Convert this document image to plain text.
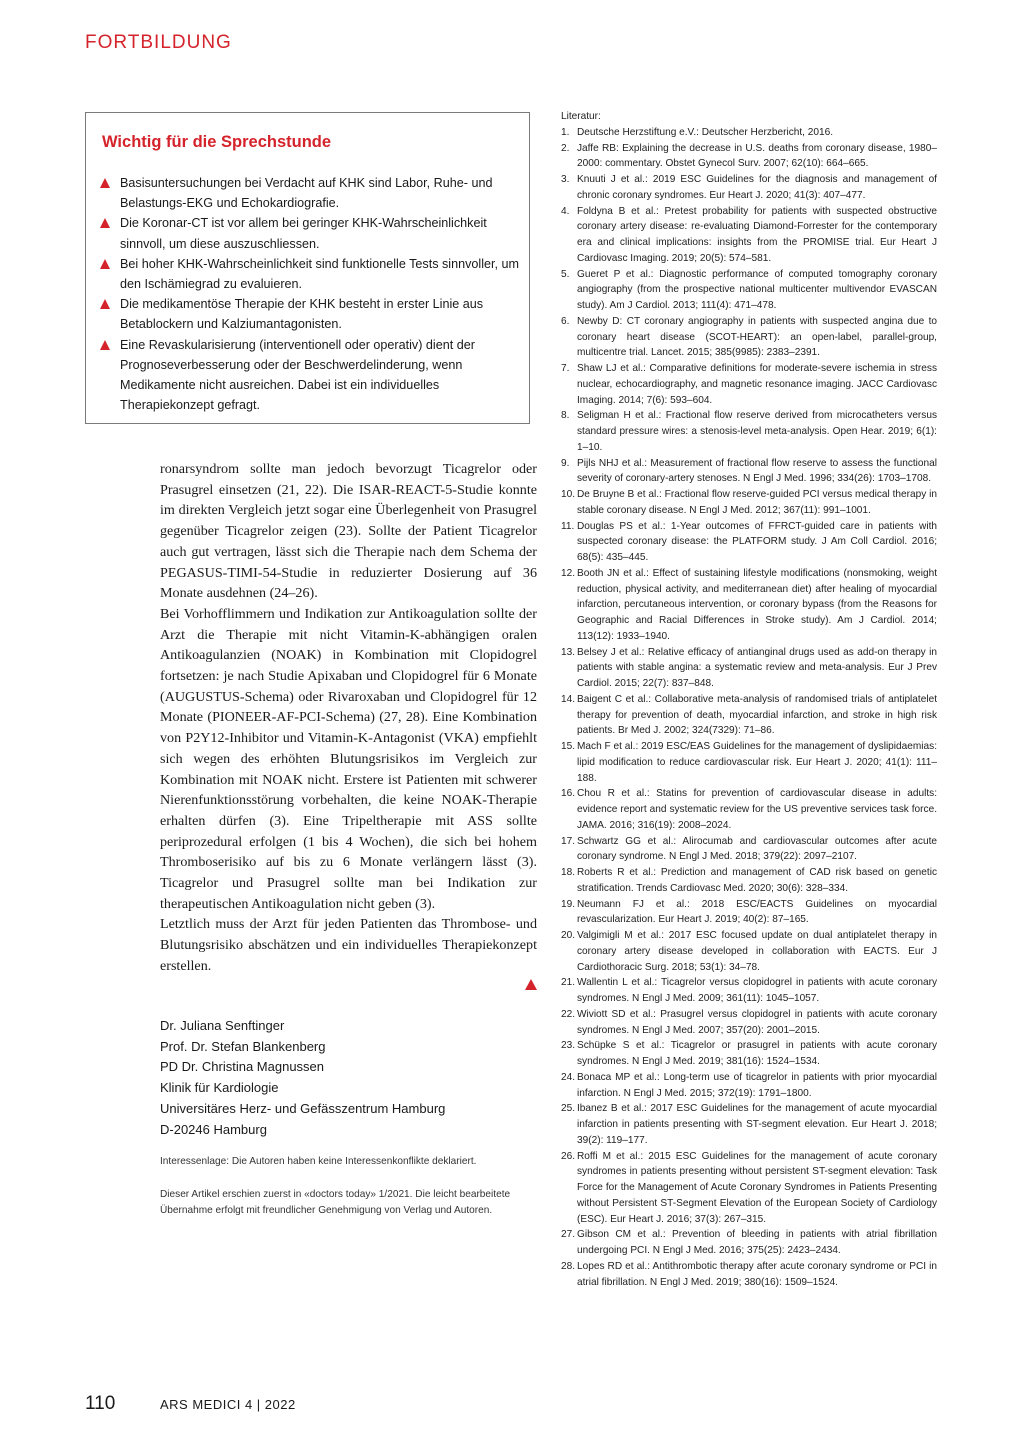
FORTBILDUNG
Wichtig für die Sprechstunde
Basisuntersuchungen bei Verdacht auf KHK sind Labor, Ruhe- und Belastungs-EKG und Echokardiografie.
Die Koronar-CT ist vor allem bei geringer KHK-Wahrscheinlichkeit sinnvoll, um diese auszuschliessen.
Bei hoher KHK-Wahrscheinlichkeit sind funktionelle Tests sinnvoller, um den Ischämiegrad zu evaluieren.
Die medikamentöse Therapie der KHK besteht in erster Linie aus Betablockern und Kalziumantagonisten.
Eine Revaskularisierung (interventionell oder operativ) dient der Prognoseverbesserung oder der Beschwerdelinderung, wenn Medikamente nicht ausreichen. Dabei ist ein individuelles Therapiekonzept gefragt.

ronarsyndrom sollte man jedoch bevorzugt Ticagrelor oder Prasugrel einsetzen (21, 22). Die ISAR-REACT-5-Studie konnte im direkten Vergleich jetzt sogar eine Überlegenheit von Prasugrel gegenüber Ticagrelor zeigen (23). Sollte der Patient Ticagrelor auch gut vertragen, lässt sich die Therapie nach dem Schema der PEGASUS-TIMI-54-Studie in reduzierter Dosierung auf 36 Monate ausdehnen (24–26).

Bei Vorhofflimmern und Indikation zur Antikoagulation sollte der Arzt die Therapie mit nicht Vitamin-K-abhängigen oralen Antikoagulanzien (NOAK) in Kombination mit Clopidogrel fortsetzen: je nach Studie Apixaban und Clopidogrel für 6 Monate (AUGUSTUS-Schema) oder Rivaroxaban und Clopidogrel für 12 Monate (PIONEER-AF-PCI-Schema) (27, 28). Eine Kombination von P2Y12-Inhibitor und Vitamin-K-Antagonist (VKA) empfiehlt sich wegen des erhöhten Blutungsrisikos im Vergleich zur Kombination mit NOAK nicht. Erstere ist Patienten mit schwerer Nierenfunktionsstörung vorbehalten, die keine NOAK-Therapie erhalten dürfen (3). Eine Tripeltherapie mit ASS sollte periprozedural erfolgen (1 bis 4 Wochen), die sich bei hohem Thromboserisiko auf bis zu 6 Monate verlängern lässt (3). Ticagrelor und Prasugrel sollte man bei Indikation zur therapeutischen Antikoagulation nicht geben (3).

Letztlich muss der Arzt für jeden Patienten das Thrombose- und Blutungsrisiko abschätzen und ein individuelles Therapiekonzept erstellen.

Dr. Juliana Senftinger
Prof. Dr. Stefan Blankenberg
PD Dr. Christina Magnussen
Klinik für Kardiologie
Universitäres Herz- und Gefässzentrum Hamburg
D-20246 Hamburg
Interessenlage: Die Autoren haben keine Interessenkonflikte deklariert.
Dieser Artikel erschien zuerst in «doctors today» 1/2021. Die leicht bearbeitete Übernahme erfolgt mit freundlicher Genehmigung von Verlag und Autoren.
Literatur:
1. Deutsche Herzstiftung e.V.: Deutscher Herzbericht, 2016.
2. Jaffe RB: Explaining the decrease in U.S. deaths from coronary disease, 1980–2000: commentary. Obstet Gynecol Surv. 2007; 62(10): 664–665.
3. Knuuti J et al.: 2019 ESC Guidelines for the diagnosis and management of chronic coronary syndromes. Eur Heart J. 2020; 41(3): 407–477.
4. Foldyna B et al.: Pretest probability for patients with suspected obstructive coronary artery disease: re-evaluating Diamond-Forrester for the contemporary era and clinical implications: insights from the PROMISE trial. Eur Heart J Cardiovasc Imaging. 2019; 20(5): 574–581.
5. Gueret P et al.: Diagnostic performance of computed tomography coronary angiography (from the prospective national multicenter multivendor EVASCAN study). Am J Cardiol. 2013; 111(4): 471–478.
6. Newby D: CT coronary angiography in patients with suspected angina due to coronary heart disease (SCOT-HEART): an open-label, parallel-group, multicentre trial. Lancet. 2015; 385(9985): 2383–2391.
7. Shaw LJ et al.: Comparative definitions for moderate-severe ischemia in stress nuclear, echocardiography, and magnetic resonance imaging. JACC Cardiovasc Imaging. 2014; 7(6): 593–604.
8. Seligman H et al.: Fractional flow reserve derived from microcatheters versus standard pressure wires: a stenosis-level meta-analysis. Open Hear. 2019; 6(1): 1–10.
9. Pijls NHJ et al.: Measurement of fractional flow reserve to assess the functional severity of coronary-artery stenoses. N Engl J Med. 1996; 334(26): 1703–1708.
10. De Bruyne B et al.: Fractional flow reserve-guided PCI versus medical therapy in stable coronary disease. N Engl J Med. 2012; 367(11): 991–1001.
11. Douglas PS et al.: 1-Year outcomes of FFRCT-guided care in patients with suspected coronary disease: the PLATFORM study. J Am Coll Cardiol. 2016; 68(5): 435–445.
12. Booth JN et al.: Effect of sustaining lifestyle modifications (nonsmoking, weight reduction, physical activity, and mediterranean diet) after healing of myocardial infarction, percutaneous intervention, or coronary bypass (from the Reasons for Geographic and Racial Differences in Stroke study). Am J Cardiol. 2014; 113(12): 1933–1940.
13. Belsey J et al.: Relative efficacy of antianginal drugs used as add-on therapy in patients with stable angina: a systematic review and meta-analysis. Eur J Prev Cardiol. 2015; 22(7): 837–848.
14. Baigent C et al.: Collaborative meta-analysis of randomised trials of antiplatelet therapy for prevention of death, myocardial infarction, and stroke in high risk patients. Br Med J. 2002; 324(7329): 71–86.
15. Mach F et al.: 2019 ESC/EAS Guidelines for the management of dyslipidaemias: lipid modification to reduce cardiovascular risk. Eur Heart J. 2020; 41(1): 111–188.
16. Chou R et al.: Statins for prevention of cardiovascular disease in adults: evidence report and systematic review for the US preventive services task force. JAMA. 2016; 316(19): 2008–2024.
17. Schwartz GG et al.: Alirocumab and cardiovascular outcomes after acute coronary syndrome. N Engl J Med. 2018; 379(22): 2097–2107.
18. Roberts R et al.: Prediction and management of CAD risk based on genetic stratification. Trends Cardiovasc Med. 2020; 30(6): 328–334.
19. Neumann FJ et al.: 2018 ESC/EACTS Guidelines on myocardial revascularization. Eur Heart J. 2019; 40(2): 87–165.
20. Valgimigli M et al.: 2017 ESC focused update on dual antiplatelet therapy in coronary artery disease developed in collaboration with EACTS. Eur J Cardiothoracic Surg. 2018; 53(1): 34–78.
21. Wallentin L et al.: Ticagrelor versus clopidogrel in patients with acute coronary syndromes. N Engl J Med. 2009; 361(11): 1045–1057.
22. Wiviott SD et al.: Prasugrel versus clopidogrel in patients with acute coronary syndromes. N Engl J Med. 2007; 357(20): 2001–2015.
23. Schüpke S et al.: Ticagrelor or prasugrel in patients with acute coronary syndromes. N Engl J Med. 2019; 381(16): 1524–1534.
24. Bonaca MP et al.: Long-term use of ticagrelor in patients with prior myocardial infarction. N Engl J Med. 2015; 372(19): 1791–1800.
25. Ibanez B et al.: 2017 ESC Guidelines for the management of acute myocardial infarction in patients presenting with ST-segment elevation. Eur Heart J. 2018; 39(2): 119–177.
26. Roffi M et al.: 2015 ESC Guidelines for the management of acute coronary syndromes in patients presenting without persistent ST-segment elevation: Task Force for the Management of Acute Coronary Syndromes in Patients Presenting without Persistent ST-Segment Elevation of the European Society of Cardiology (ESC). Eur Heart J. 2016; 37(3): 267–315.
27. Gibson CM et al.: Prevention of bleeding in patients with atrial fibrillation undergoing PCI. N Engl J Med. 2016; 375(25): 2423–2434.
28. Lopes RD et al.: Antithrombotic therapy after acute coronary syndrome or PCI in atrial fibrillation. N Engl J Med. 2019; 380(16): 1509–1524.
110	ARS MEDICI 4 | 2022
